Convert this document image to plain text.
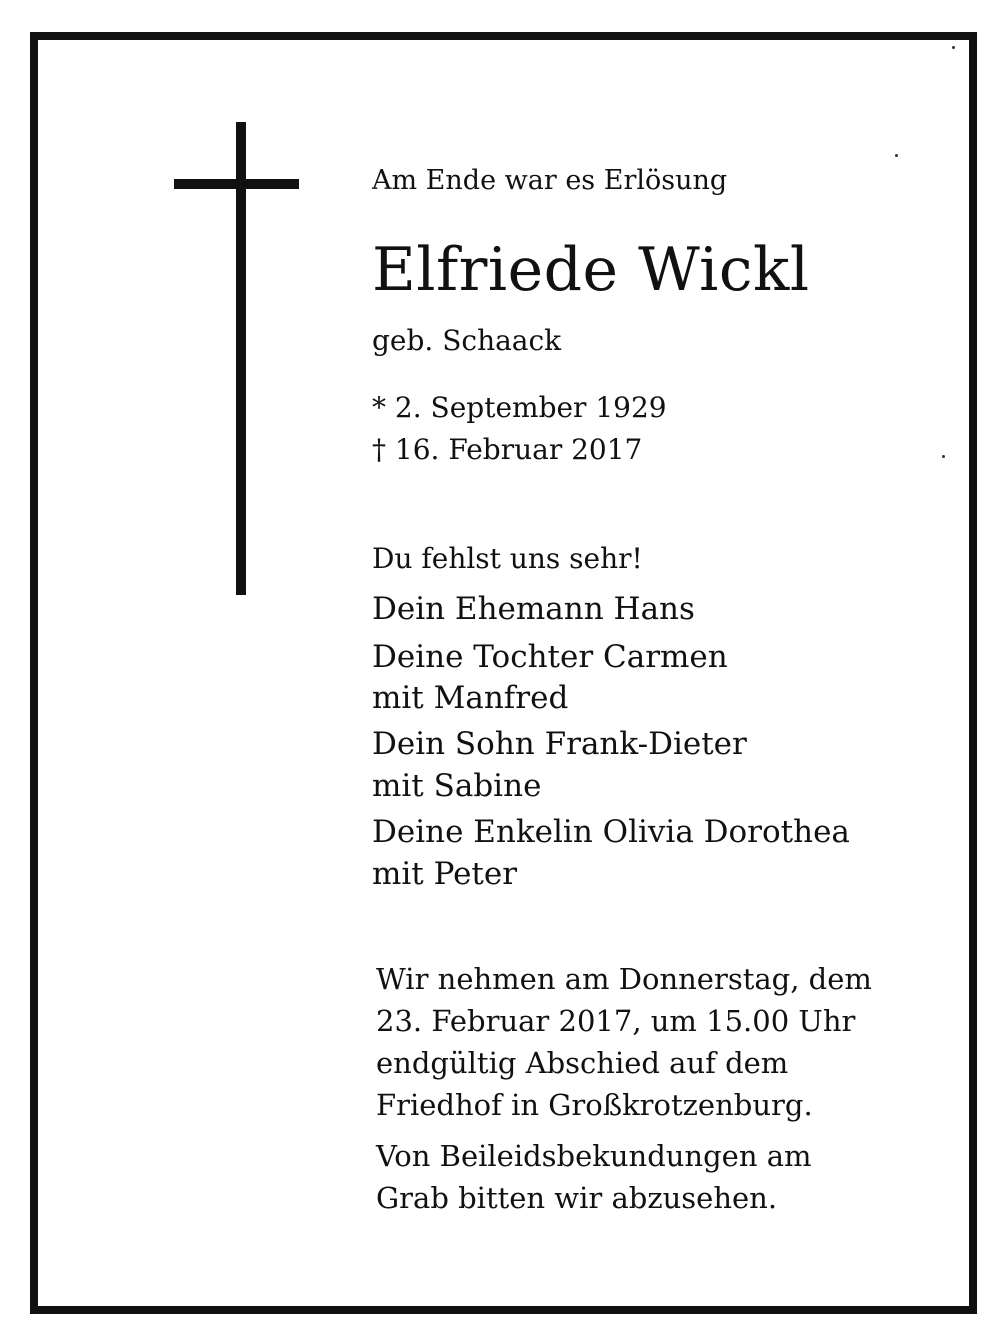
Am Ende war es Erlösung
Elfriede Wickl
geb. Schaack
* 2. September 1929
† 16. Februar 2017
Du fehlst uns sehr!
Dein Ehemann Hans
Deine Tochter Carmen
mit Manfred
Dein Sohn Frank-Dieter
mit Sabine
Deine Enkelin Olivia Dorothea
mit Peter
Wir nehmen am Donnerstag, dem
23. Februar 2017, um 15.00 Uhr
endgültig Abschied auf dem
Friedhof in Großkrotzenburg.
Von Beileidsbekundungen am
Grab bitten wir abzusehen.
